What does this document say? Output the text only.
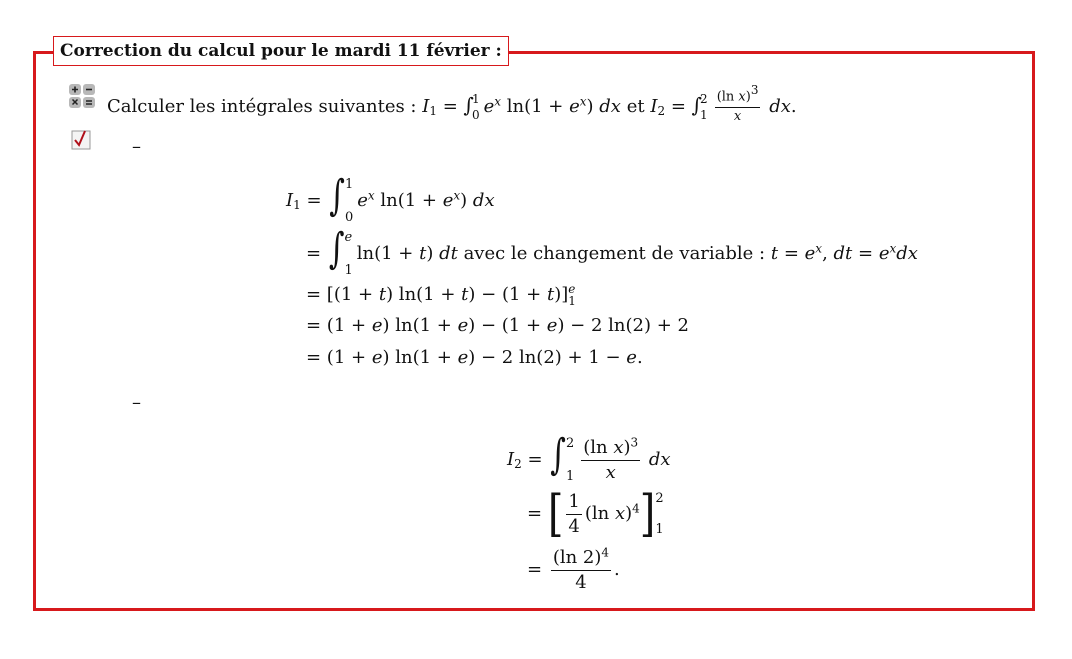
Correction du calcul pour le mardi 11 février :
Calculer les intégrales suivantes : $I_1$ = ∫
1
0 $e^x$ $\ln(1 + e^x)$ dx et $I_2$ = ∫
2
$1 \frac{(\ln x)^3}{x}$ dx.
–
–
$I_1$ = ∫ 1
0
$e^x$ $\ln(1 + e^x)$ dx
= ∫ e
1
ln(1 + t) dt avec le changement de variable : $t = e^x$, dt = $e^xdx$
= [(1 + t) ln(1 + t) − (1 + t)] e
1
= (1 + e) ln(1 + e) − (1 + e) − 2 ln(2) + 2
= (1 + e) ln(1 + e) − 2 ln(2) + 1 − e.
$I_2$ = ∫ 2
$1 \frac{(\ln x)^3}{x}$ dx
= [ $\frac{1}{4} (\ln$ x)$^4$] 2
1
= $\frac{(\ln 2)^4}{4}$ .
